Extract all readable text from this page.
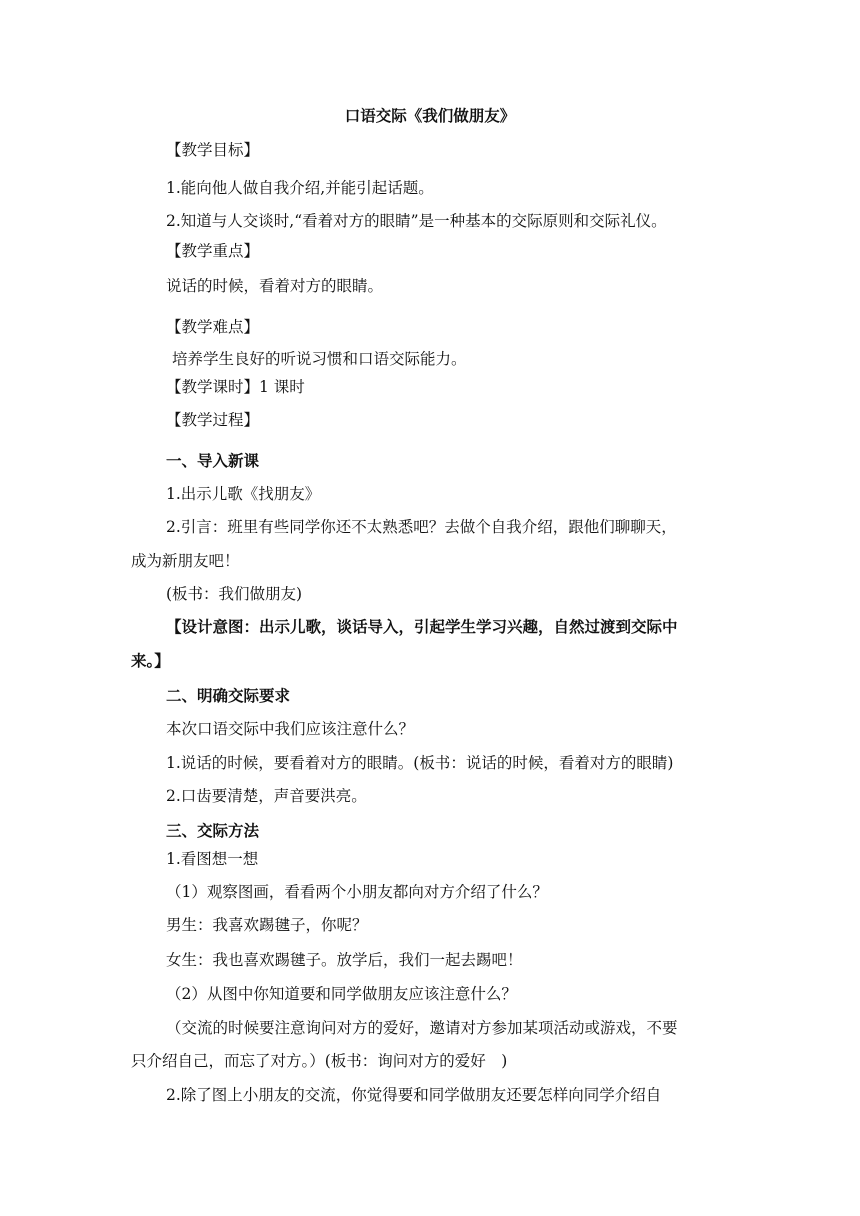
口语交际《我们做朋友》
【教学目标】
1.能向他人做自我介绍,并能引起话题。
2.知道与人交谈时,“看着对方的眼睛”是一种基本的交际原则和交际礼仪。
【教学重点】
说话的时候，看着对方的眼睛。
【教学难点】
培养学生良好的听说习惯和口语交际能力。
【教学课时】1 课时
【教学过程】
一、导入新课
1.出示儿歌《找朋友》
2.引言：班里有些同学你还不太熟悉吧？去做个自我介绍，跟他们聊聊天，
成为新朋友吧！
(板书：我们做朋友)
【设计意图：出示儿歌，谈话导入，引起学生学习兴趣，自然过渡到交际中
来。】
二、明确交际要求
本次口语交际中我们应该注意什么？
1.说话的时候，要看着对方的眼睛。(板书：说话的时候，看着对方的眼睛)
2.口齿要清楚，声音要洪亮。
三、交际方法
1.看图想一想
（1）观察图画，看看两个小朋友都向对方介绍了什么？
男生：我喜欢踢毽子，你呢？
女生：我也喜欢踢毽子。放学后，我们一起去踢吧！
（2）从图中你知道要和同学做朋友应该注意什么？
（交流的时候要注意询问对方的爱好，邀请对方参加某项活动或游戏，不要
只介绍自己，而忘了对方。）(板书：询问对方的爱好　)
2.除了图上小朋友的交流，你觉得要和同学做朋友还要怎样向同学介绍自
